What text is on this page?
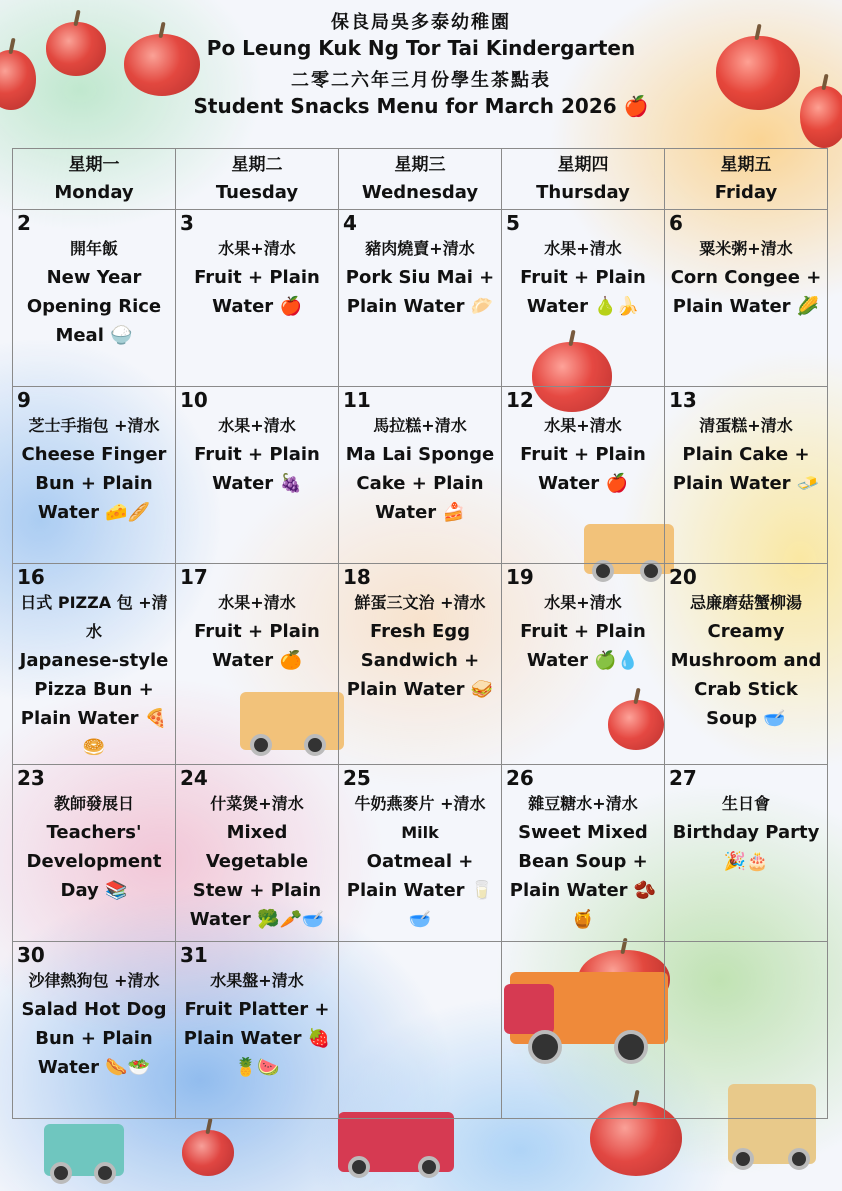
保良局吳多泰幼稚園
Po Leung Kuk Ng Tor Tai Kindergarten
二零二六年三月份學生茶點表
Student Snacks Menu for March 2026 🍎
星期一
Monday	星期二
Tuesday	星期三
Wednesday	星期四
Thursday	星期五
Friday

2
開年飯
New Year Opening Rice Meal 🍚	3
水果+清水
Fruit + Plain Water 🍎	4
豬肉燒賣+清水
Pork Siu Mai + Plain Water 🥟	5
水果+清水
Fruit + Plain Water 🍐🍌	6
粟米粥+清水
Corn Congee + Plain Water 🌽

9
芝士手指包 +清水
Cheese Finger Bun + Plain Water 🧀🥖	10
水果+清水
Fruit + Plain Water 🍇	11
馬拉糕+清水
Ma Lai Sponge Cake + Plain Water 🍰	12
水果+清水
Fruit + Plain Water 🍎	13
清蛋糕+清水
Plain Cake + Plain Water 🧈

16
日式 PIZZA 包 +清水
Japanese-style Pizza Bun + Plain Water 🍕🥯	17
水果+清水
Fruit + Plain Water 🍊	18
鮮蛋三文治 +清水
Fresh Egg Sandwich + Plain Water 🥪	19
水果+清水
Fruit + Plain Water 🍏💧	20
忌廉磨菇蟹柳湯
Creamy Mushroom and Crab Stick Soup 🥣

23
教師發展日
Teachers' Development Day 📚	24
什菜煲+清水
Mixed Vegetable Stew + Plain Water 🥦🥕🥣	25
牛奶燕麥片 +清水 Milk
Oatmeal + Plain Water 🥛🥣	26
雜豆糖水+清水
Sweet Mixed Bean Soup + Plain Water 🫘🍯	27
生日會
Birthday Party 🎉🎂

30
沙律熱狗包 +清水
Salad Hot Dog Bun + Plain Water 🌭🥗	31
水果盤+清水
Fruit Platter + Plain Water 🍓🍍🍉			
